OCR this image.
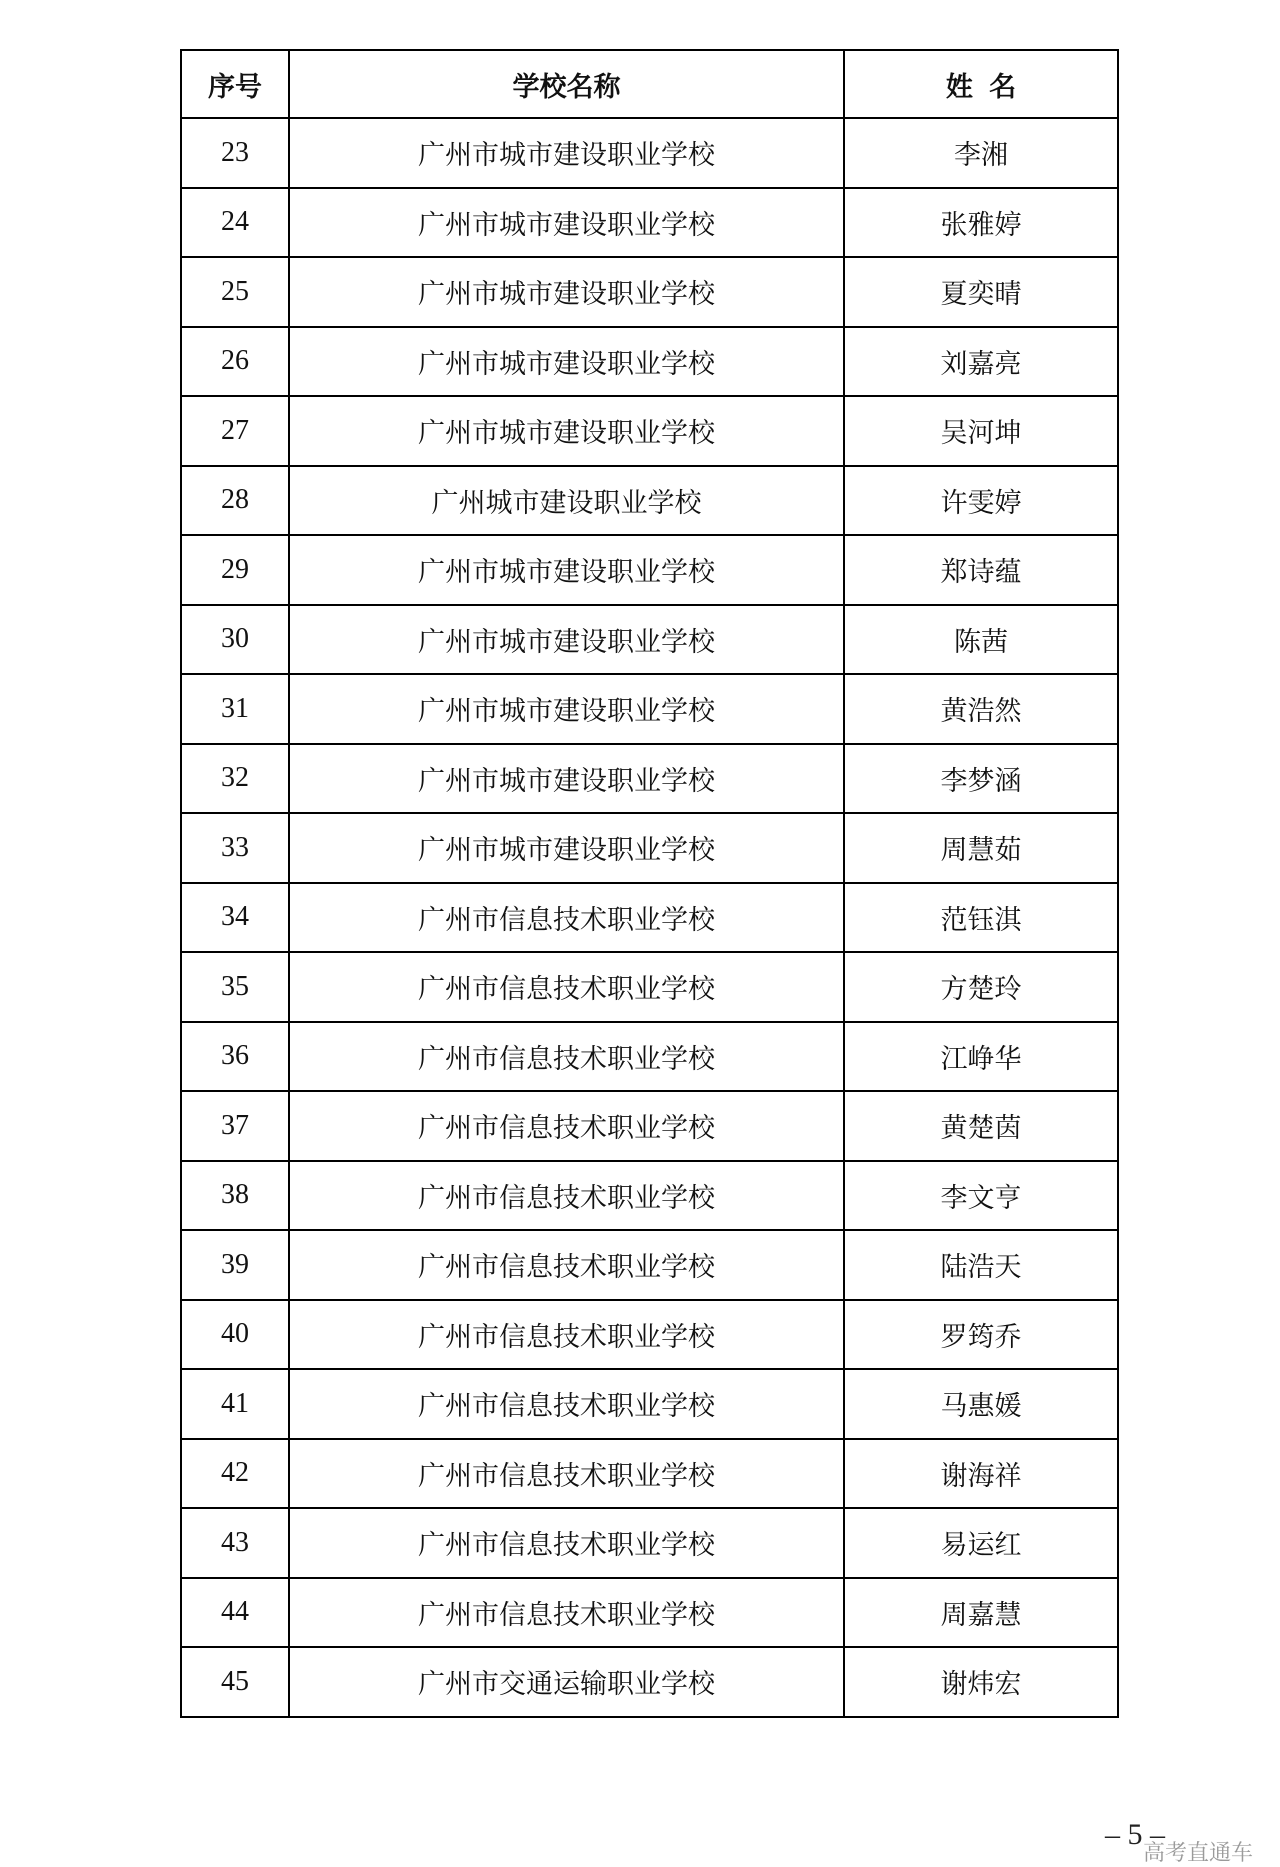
序号	学校名称	姓名
23	广州市城市建设职业学校	李湘
24	广州市城市建设职业学校	张雅婷
25	广州市城市建设职业学校	夏奕晴
26	广州市城市建设职业学校	刘嘉亮
27	广州市城市建设职业学校	吴河坤
28	广州城市建设职业学校	许雯婷
29	广州市城市建设职业学校	郑诗蕴
30	广州市城市建设职业学校	陈茜
31	广州市城市建设职业学校	黄浩然
32	广州市城市建设职业学校	李梦涵
33	广州市城市建设职业学校	周慧茹
34	广州市信息技术职业学校	范钰淇
35	广州市信息技术职业学校	方楚玲
36	广州市信息技术职业学校	江峥华
37	广州市信息技术职业学校	黄楚茵
38	广州市信息技术职业学校	李文亨
39	广州市信息技术职业学校	陆浩天
40	广州市信息技术职业学校	罗筠乔
41	广州市信息技术职业学校	马惠媛
42	广州市信息技术职业学校	谢海祥
43	广州市信息技术职业学校	易运红
44	广州市信息技术职业学校	周嘉慧
45	广州市交通运输职业学校	谢炜宏
– 5 –
高考直通车
